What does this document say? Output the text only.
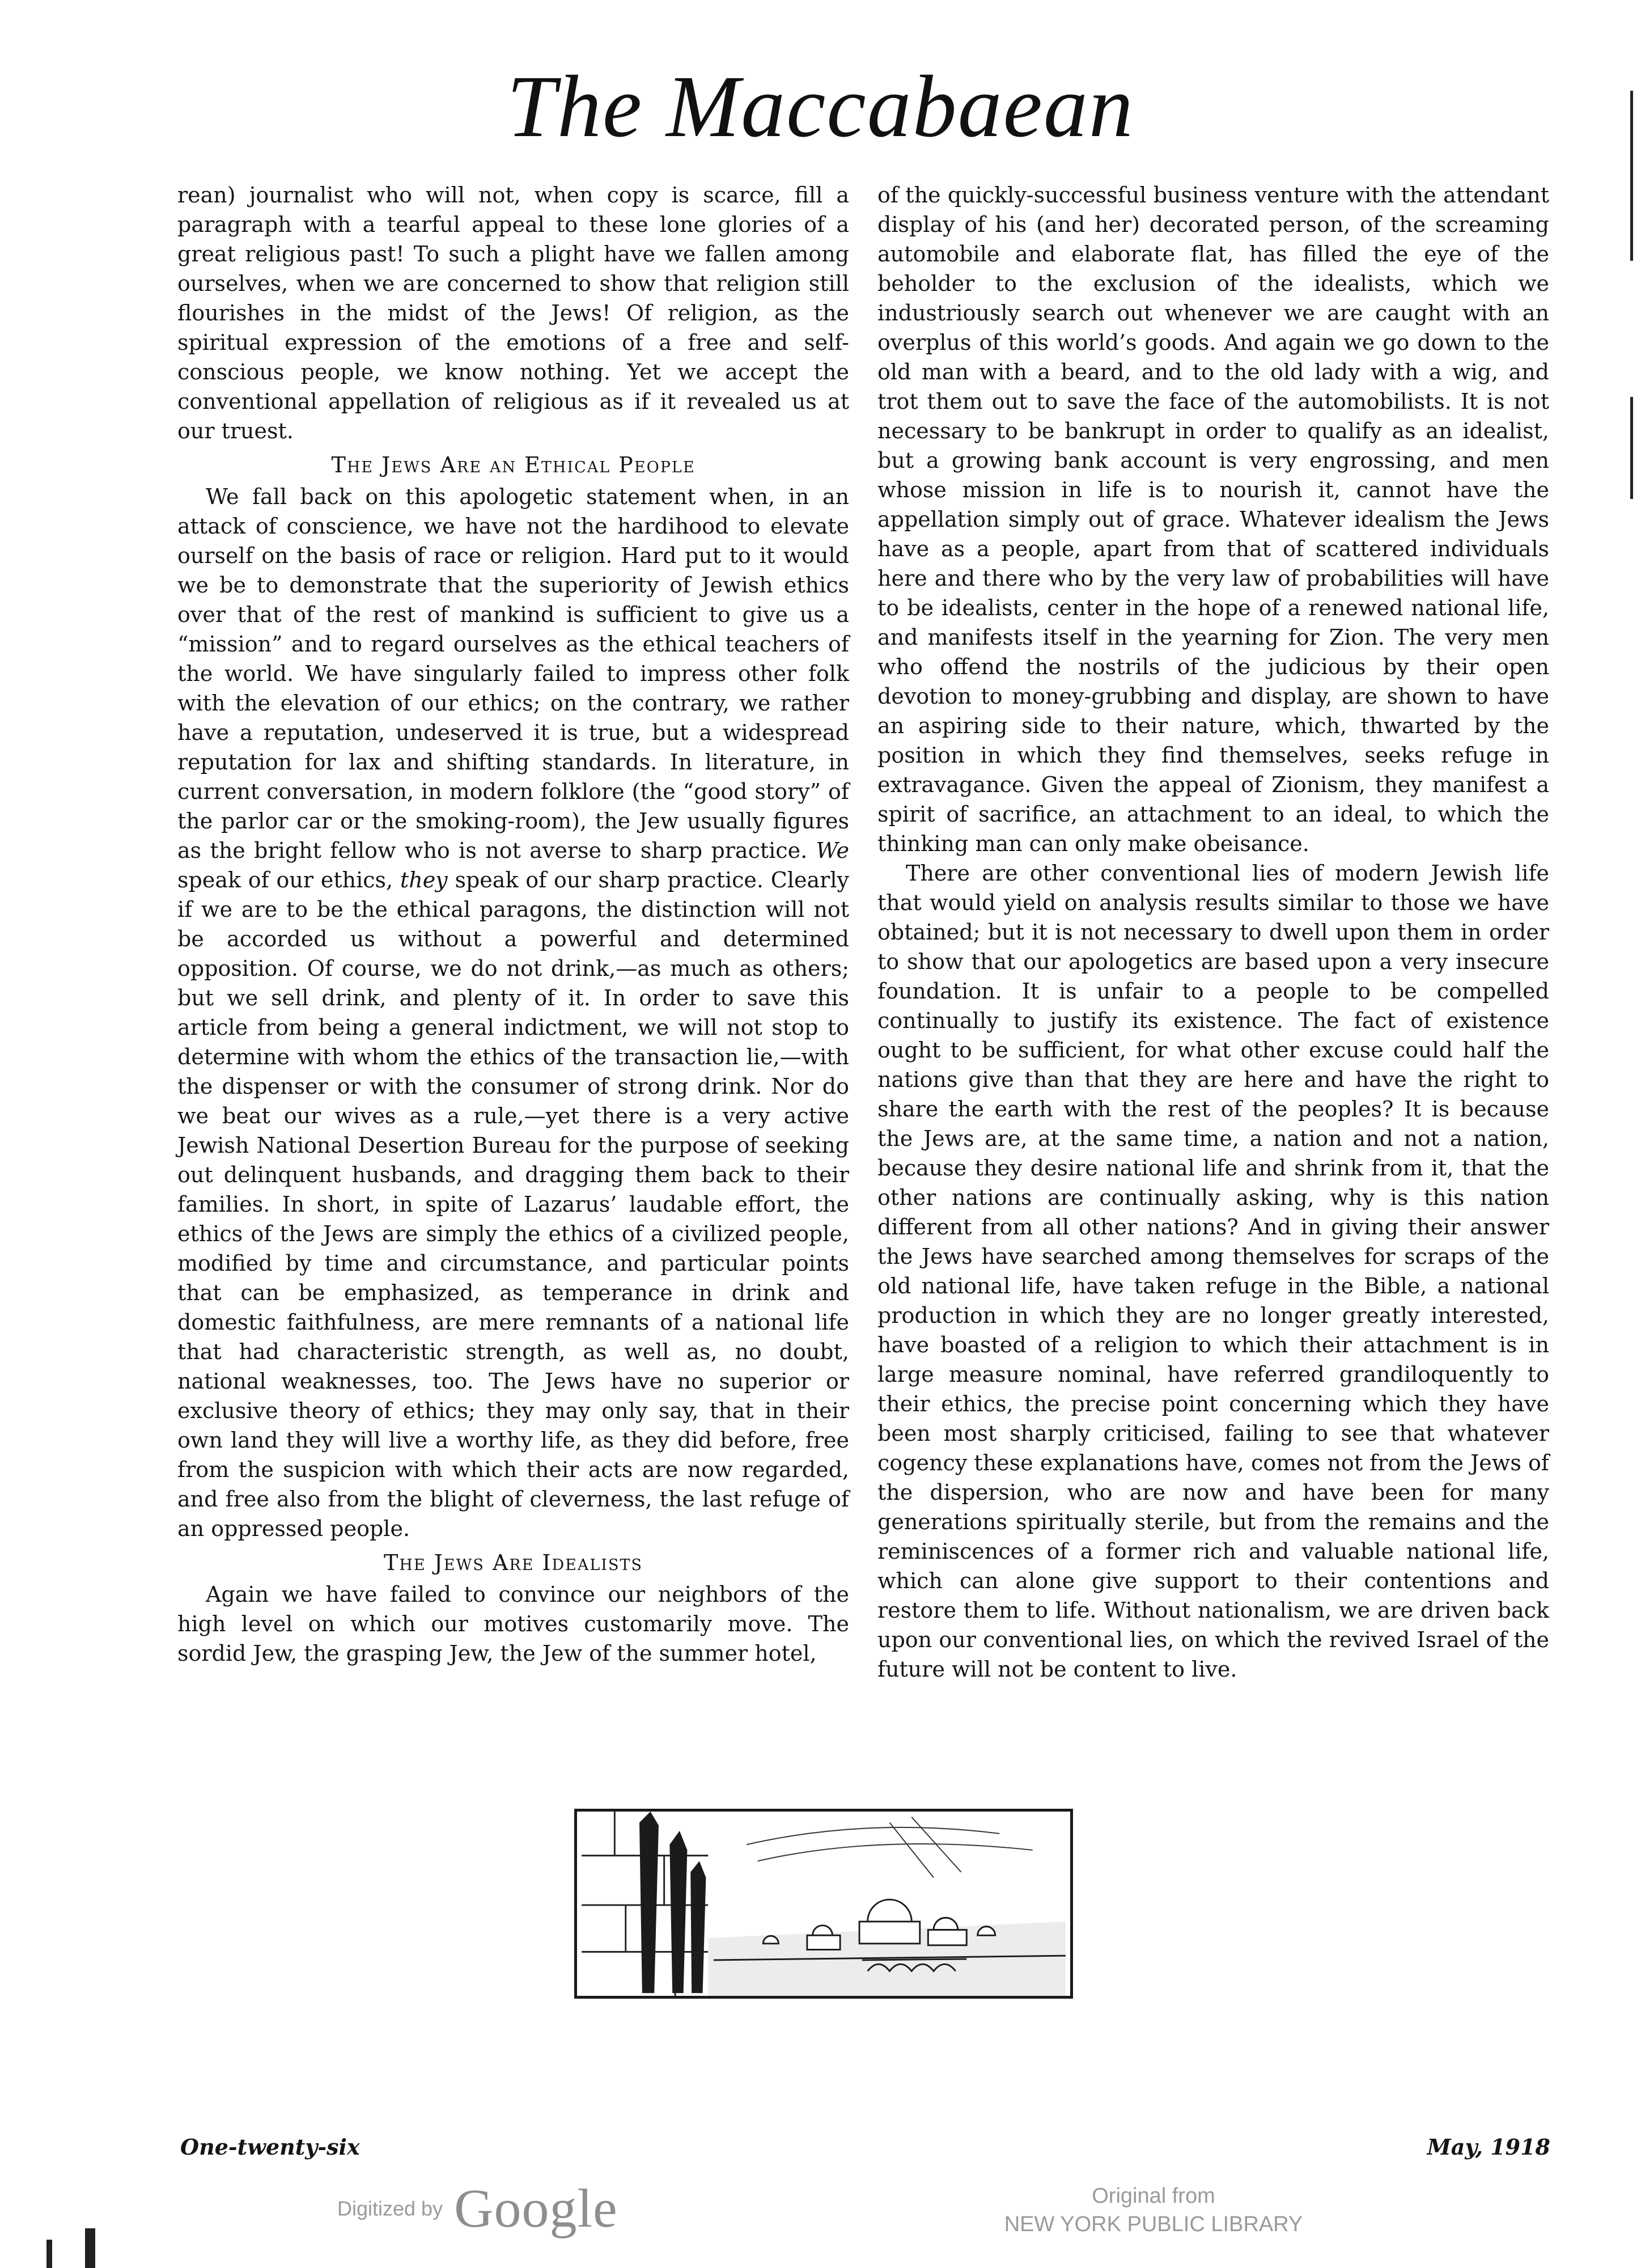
The Maccabaean

rean) journalist who will not, when copy is scarce, fill a paragraph with a tearful appeal to these lone glories of a great religious past! To such a plight have we fallen among ourselves, when we are concerned to show that religion still flourishes in the midst of the Jews! Of religion, as the spiritual expression of the emotions of a free and self-conscious people, we know nothing. Yet we accept the conventional appellation of religious as if it revealed us at our truest.

The Jews Are an Ethical People

We fall back on this apologetic statement when, in an attack of conscience, we have not the hardihood to elevate ourself on the basis of race or religion. Hard put to it would we be to demonstrate that the superiority of Jewish ethics over that of the rest of mankind is sufficient to give us a “mission” and to regard ourselves as the ethical teachers of the world. We have singularly failed to impress other folk with the elevation of our ethics; on the contrary, we rather have a reputation, undeserved it is true, but a widespread reputation for lax and shifting standards. In literature, in current conversation, in modern folklore (the “good story” of the parlor car or the smoking-room), the Jew usually figures as the bright fellow who is not averse to sharp practice. We speak of our ethics, they speak of our sharp practice. Clearly if we are to be the ethical paragons, the distinction will not be accorded us without a powerful and determined opposition. Of course, we do not drink,—as much as others; but we sell drink, and plenty of it. In order to save this article from being a general indictment, we will not stop to determine with whom the ethics of the transaction lie,—with the dispenser or with the consumer of strong drink. Nor do we beat our wives as a rule,—yet there is a very active Jewish National Desertion Bureau for the purpose of seeking out delinquent husbands, and dragging them back to their families. In short, in spite of Lazarus’ laudable effort, the ethics of the Jews are simply the ethics of a civilized people, modified by time and circumstance, and particular points that can be emphasized, as temperance in drink and domestic faithfulness, are mere remnants of a national life that had characteristic strength, as well as, no doubt, national weaknesses, too. The Jews have no superior or exclusive theory of ethics; they may only say, that in their own land they will live a worthy life, as they did before, free from the suspicion with which their acts are now regarded, and free also from the blight of cleverness, the last refuge of an oppressed people.

The Jews Are Idealists

Again we have failed to convince our neighbors of the high level on which our motives customarily move. The sordid Jew, the grasping Jew, the Jew of the summer hotel,

of the quickly-successful business venture with the attendant display of his (and her) decorated person, of the screaming automobile and elaborate flat, has filled the eye of the beholder to the exclusion of the idealists, which we industriously search out whenever we are caught with an overplus of this world’s goods. And again we go down to the old man with a beard, and to the old lady with a wig, and trot them out to save the face of the automobilists. It is not necessary to be bankrupt in order to qualify as an idealist, but a growing bank account is very engrossing, and men whose mission in life is to nourish it, cannot have the appellation simply out of grace. Whatever idealism the Jews have as a people, apart from that of scattered individuals here and there who by the very law of probabilities will have to be idealists, center in the hope of a renewed national life, and manifests itself in the yearning for Zion. The very men who offend the nostrils of the judicious by their open devotion to money-grubbing and display, are shown to have an aspiring side to their nature, which, thwarted by the position in which they find themselves, seeks refuge in extravagance. Given the appeal of Zionism, they manifest a spirit of sacrifice, an attachment to an ideal, to which the thinking man can only make obeisance.

There are other conventional lies of modern Jewish life that would yield on analysis results similar to those we have obtained; but it is not necessary to dwell upon them in order to show that our apologetics are based upon a very insecure foundation. It is unfair to a people to be compelled continually to justify its existence. The fact of existence ought to be sufficient, for what other excuse could half the nations give than that they are here and have the right to share the earth with the rest of the peoples? It is because the Jews are, at the same time, a nation and not a nation, because they desire national life and shrink from it, that the other nations are continually asking, why is this nation different from all other nations? And in giving their answer the Jews have searched among themselves for scraps of the old national life, have taken refuge in the Bible, a national production in which they are no longer greatly interested, have boasted of a religion to which their attachment is in large measure nominal, have referred grandiloquently to their ethics, the precise point concerning which they have been most sharply criticised, failing to see that whatever cogency these explanations have, comes not from the Jews of the dispersion, who are now and have been for many generations spiritually sterile, but from the remains and the reminiscences of a former rich and valuable national life, which can alone give support to their contentions and restore them to life. Without nationalism, we are driven back upon our conventional lies, on which the revived Israel of the future will not be content to live.

One-twenty-six	May, 1918
Digitized by Google	Original from
NEW YORK PUBLIC LIBRARY
